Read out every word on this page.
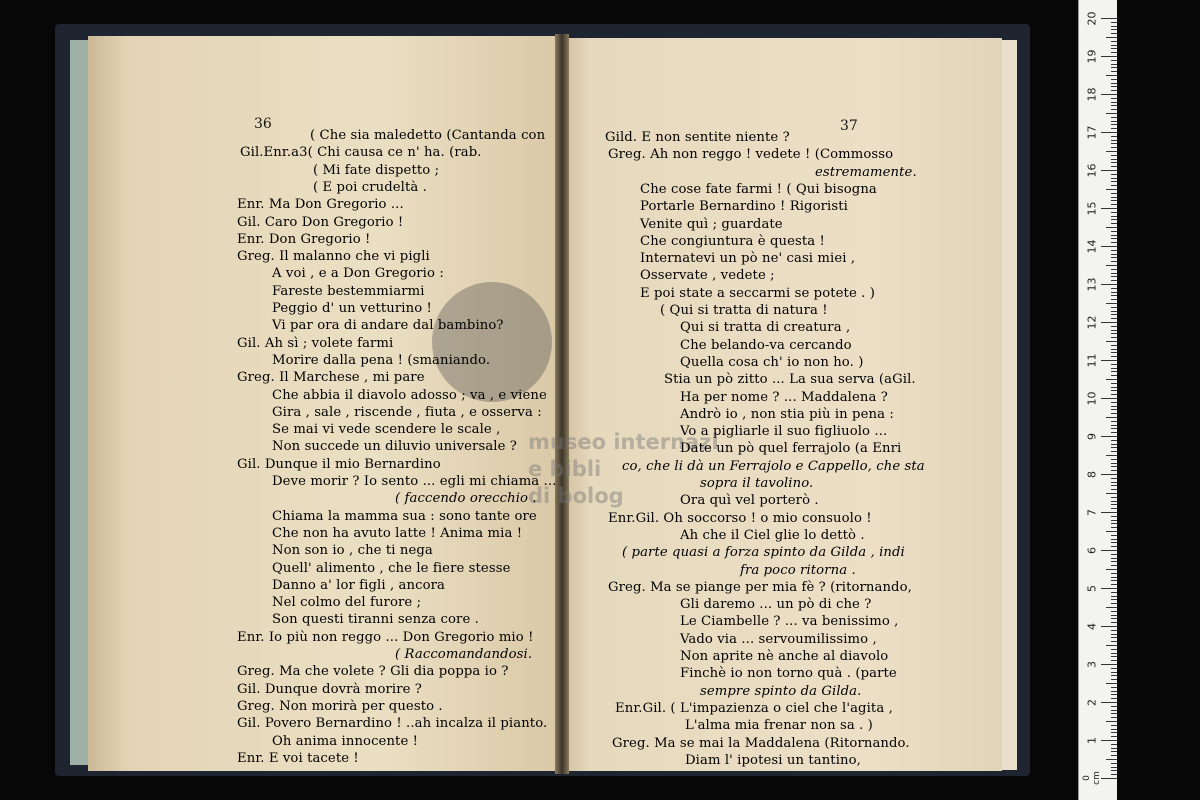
36	37
museo internazi
e bibli
di bolog
( Che sia maledetto (Cantanda con
Gil.Enr.a3( Chi causa ce n' ha. (rab.
( Mi fate dispetto ;
( E poi crudeltà .
Enr. Ma Don Gregorio ...
Gil. Caro Don Gregorio !
Enr. Don Gregorio !
Greg. Il malanno che vi pigli
A voi , e a Don Gregorio :
Fareste bestemmiarmi
Peggio d' un vetturino !
Vi par ora di andare dal bambino?
Gil. Ah sì ; volete farmi
Morire dalla pena ! (smaniando.
Greg. Il Marchese , mi pare
Che abbia il diavolo adosso ; va , e viene
Gira , sale , riscende , fiuta , e osserva :
Se mai vi vede scendere le scale ,
Non succede un diluvio universale ?
Gil. Dunque il mio Bernardino
Deve morir ? Io sento ... egli mi chiama ...
( faccendo orecchio .
Chiama la mamma sua : sono tante ore
Che non ha avuto latte ! Anima mia !
Non son io , che ti nega
Quell' alimento , che le fiere stesse
Danno a' lor figli , ancora
Nel colmo del furore ;
Son questi tiranni senza core .
Enr. Io più non reggo ... Don Gregorio mio !
( Raccomandandosi.
Greg. Ma che volete ? Gli dia poppa io ?
Gil. Dunque dovrà morire ?
Greg. Non morirà per questo .
Gil. Povero Bernardino ! ..ah incalza il pianto.
Oh anima innocente !
Enr. E voi tacete !
Gild. E non sentite niente ?
Greg. Ah non reggo ! vedete ! (Commosso
estremamente.
Che cose fate farmi ! ( Qui bisogna
Portarle Bernardino ! Rigoristi
Venite quì ; guardate
Che congiuntura è questa !
Internatevi un pò ne' casi miei ,
Osservate , vedete ;
E poi state a seccarmi se potete . )
( Qui si tratta di natura !
Qui si tratta di creatura ,
Che belando-va cercando
Quella cosa ch' io non ho. )
Stia un pò zitto ... La sua serva (aGil.
Ha per nome ? ... Maddalena ?
Andrò io , non stia più in pena :
Vo a pigliarle il suo figliuolo ...
Date un pò quel ferrajolo (a Enri
co, che li dà un Ferrajolo e Cappello, che sta
sopra il tavolino.
Ora quì vel porterò .
Enr.Gil. Oh soccorso ! o mio consuolo !
Ah che il Ciel glie lo dettò .
( parte quasi a forza spinto da Gilda , indi
fra poco ritorna .
Greg. Ma se piange per mia fè ? (ritornando,
Gli daremo ... un pò di che ?
Le Ciambelle ? ... va benissimo ,
Vado via ... servoumilissimo ,
Non aprite nè anche al diavolo
Finchè io non torno quà . (parte
sempre spinto da Gilda.
Enr.Gil. ( L'impazienza o ciel che l'agita ,
L'alma mia frenar non sa . )
Greg. Ma se mai la Maddalena (Ritornando.
Diam l' ipotesi un tantino,
0 cm
1
2
3
4
5
6
7
8
9
10
11
12
13
14
15
16
17
18
19
20
